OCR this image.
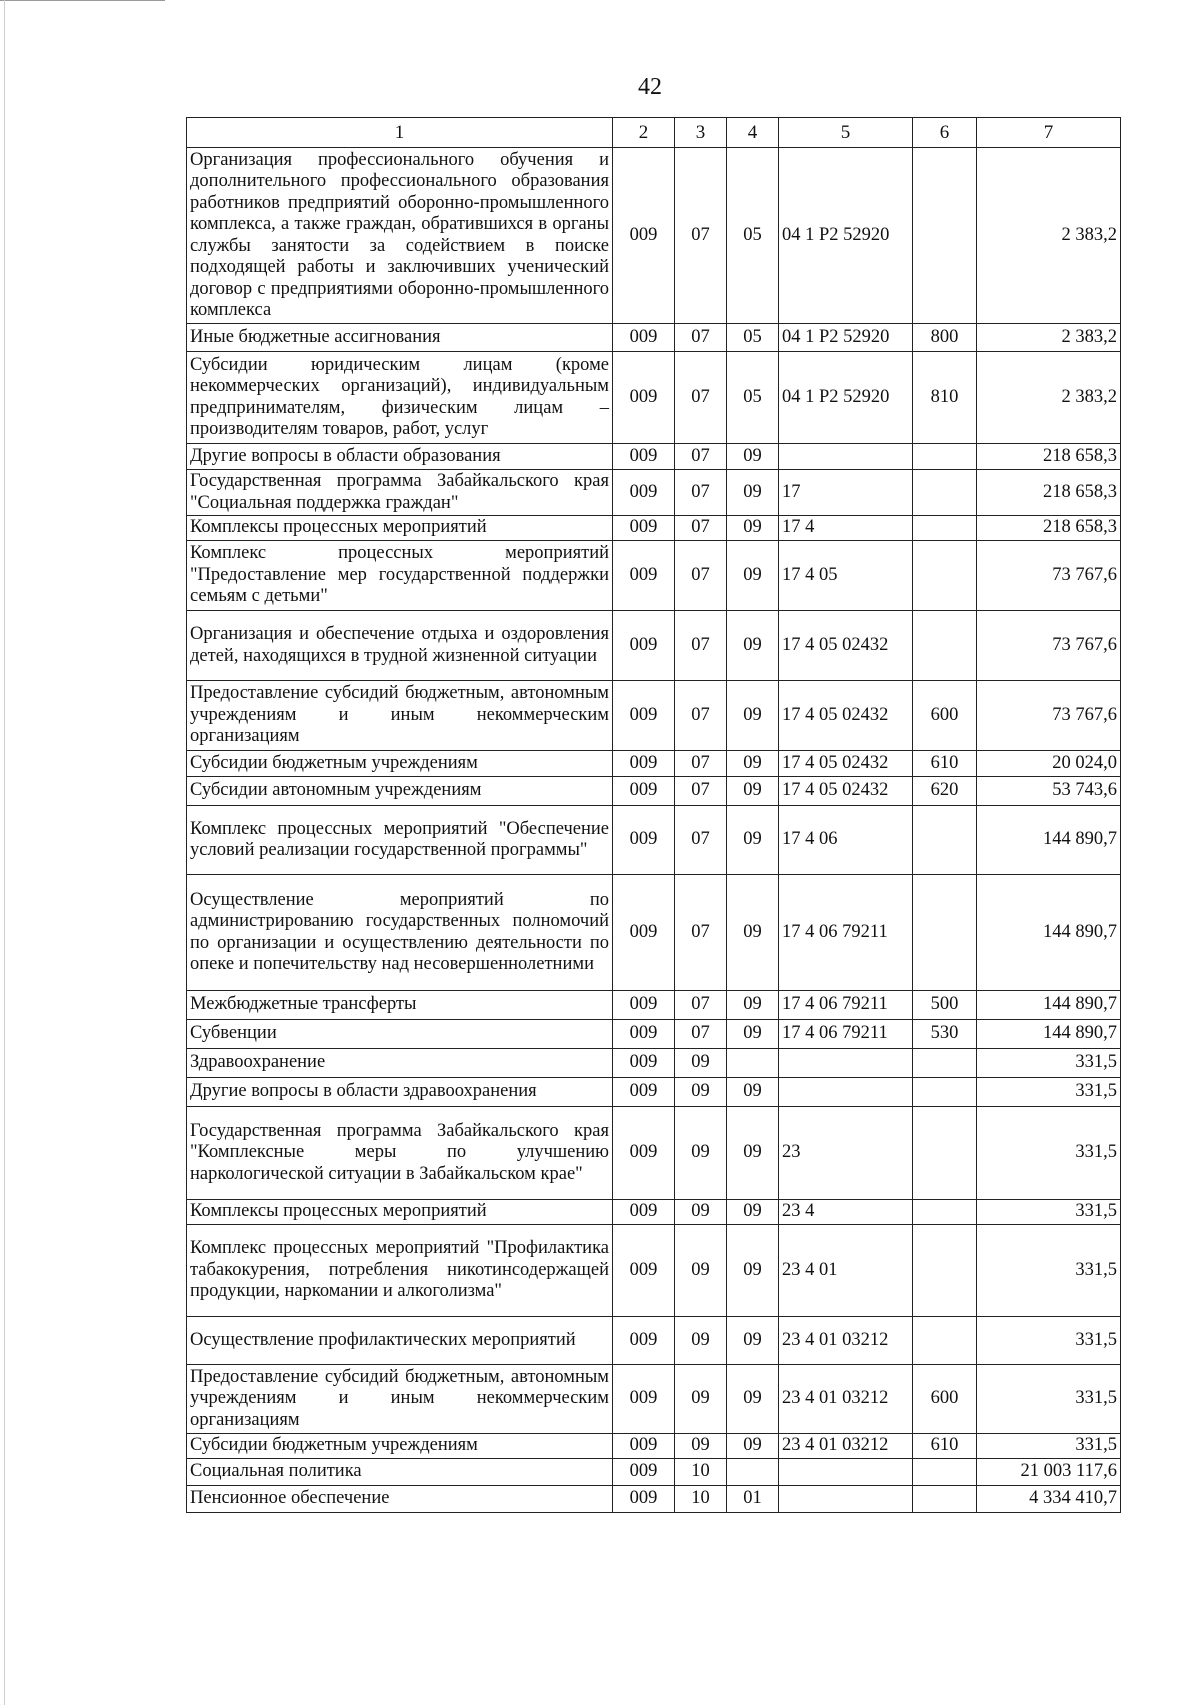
42
1	2	3	4	5	6	7
Организация профессионального обучения и дополнительного профессионального образования работников предприятий оборонно-промышленного комплекса, а также граждан, обратившихся в органы службы занятости за содействием в поиске подходящей работы и заключивших ученический договор с предприятиями оборонно-промышленного комплекса	009	07	05	04 1 Р2 52920		2 383,2
Иные бюджетные ассигнования	009	07	05	04 1 Р2 52920	800	2 383,2
Субсидии юридическим лицам (кроме некоммерческих организаций), индивидуальным предпринимателям, физическим лицам – производителям товаров, работ, услуг	009	07	05	04 1 Р2 52920	810	2 383,2
Другие вопросы в области образования	009	07	09			218 658,3
Государственная программа Забайкальского края "Социальная поддержка граждан"	009	07	09	17		218 658,3
Комплексы процессных мероприятий	009	07	09	17 4		218 658,3
Комплекс процессных мероприятий "Предоставление мер государственной поддержки семьям с детьми"	009	07	09	17 4 05		73 767,6
Организация и обеспечение отдыха и оздоровления детей, находящихся в трудной жизненной ситуации	009	07	09	17 4 05 02432		73 767,6
Предоставление субсидий бюджетным, автономным учреждениям и иным некоммерческим организациям	009	07	09	17 4 05 02432	600	73 767,6
Субсидии бюджетным учреждениям	009	07	09	17 4 05 02432	610	20 024,0
Субсидии автономным учреждениям	009	07	09	17 4 05 02432	620	53 743,6
Комплекс процессных мероприятий "Обеспечение условий реализации государственной программы"	009	07	09	17 4 06		144 890,7
Осуществление мероприятий по администрированию государственных полномочий по организации и осуществлению деятельности по опеке и попечительству над несовершеннолетними	009	07	09	17 4 06 79211		144 890,7
Межбюджетные трансферты	009	07	09	17 4 06 79211	500	144 890,7
Субвенции	009	07	09	17 4 06 79211	530	144 890,7
Здравоохранение	009	09				331,5
Другие вопросы в области здравоохранения	009	09	09			331,5
Государственная программа Забайкальского края "Комплексные меры по улучшению наркологической ситуации в Забайкальском крае"	009	09	09	23		331,5
Комплексы процессных мероприятий	009	09	09	23 4		331,5
Комплекс процессных мероприятий "Профилактика табакокурения, потребления никотинсодержащей продукции, наркомании и алкоголизма"	009	09	09	23 4 01		331,5
Осуществление профилактических мероприятий	009	09	09	23 4 01 03212		331,5
Предоставление субсидий бюджетным, автономным учреждениям и иным некоммерческим организациям	009	09	09	23 4 01 03212	600	331,5
Субсидии бюджетным учреждениям	009	09	09	23 4 01 03212	610	331,5
Социальная политика	009	10				21 003 117,6
Пенсионное обеспечение	009	10	01			4 334 410,7
